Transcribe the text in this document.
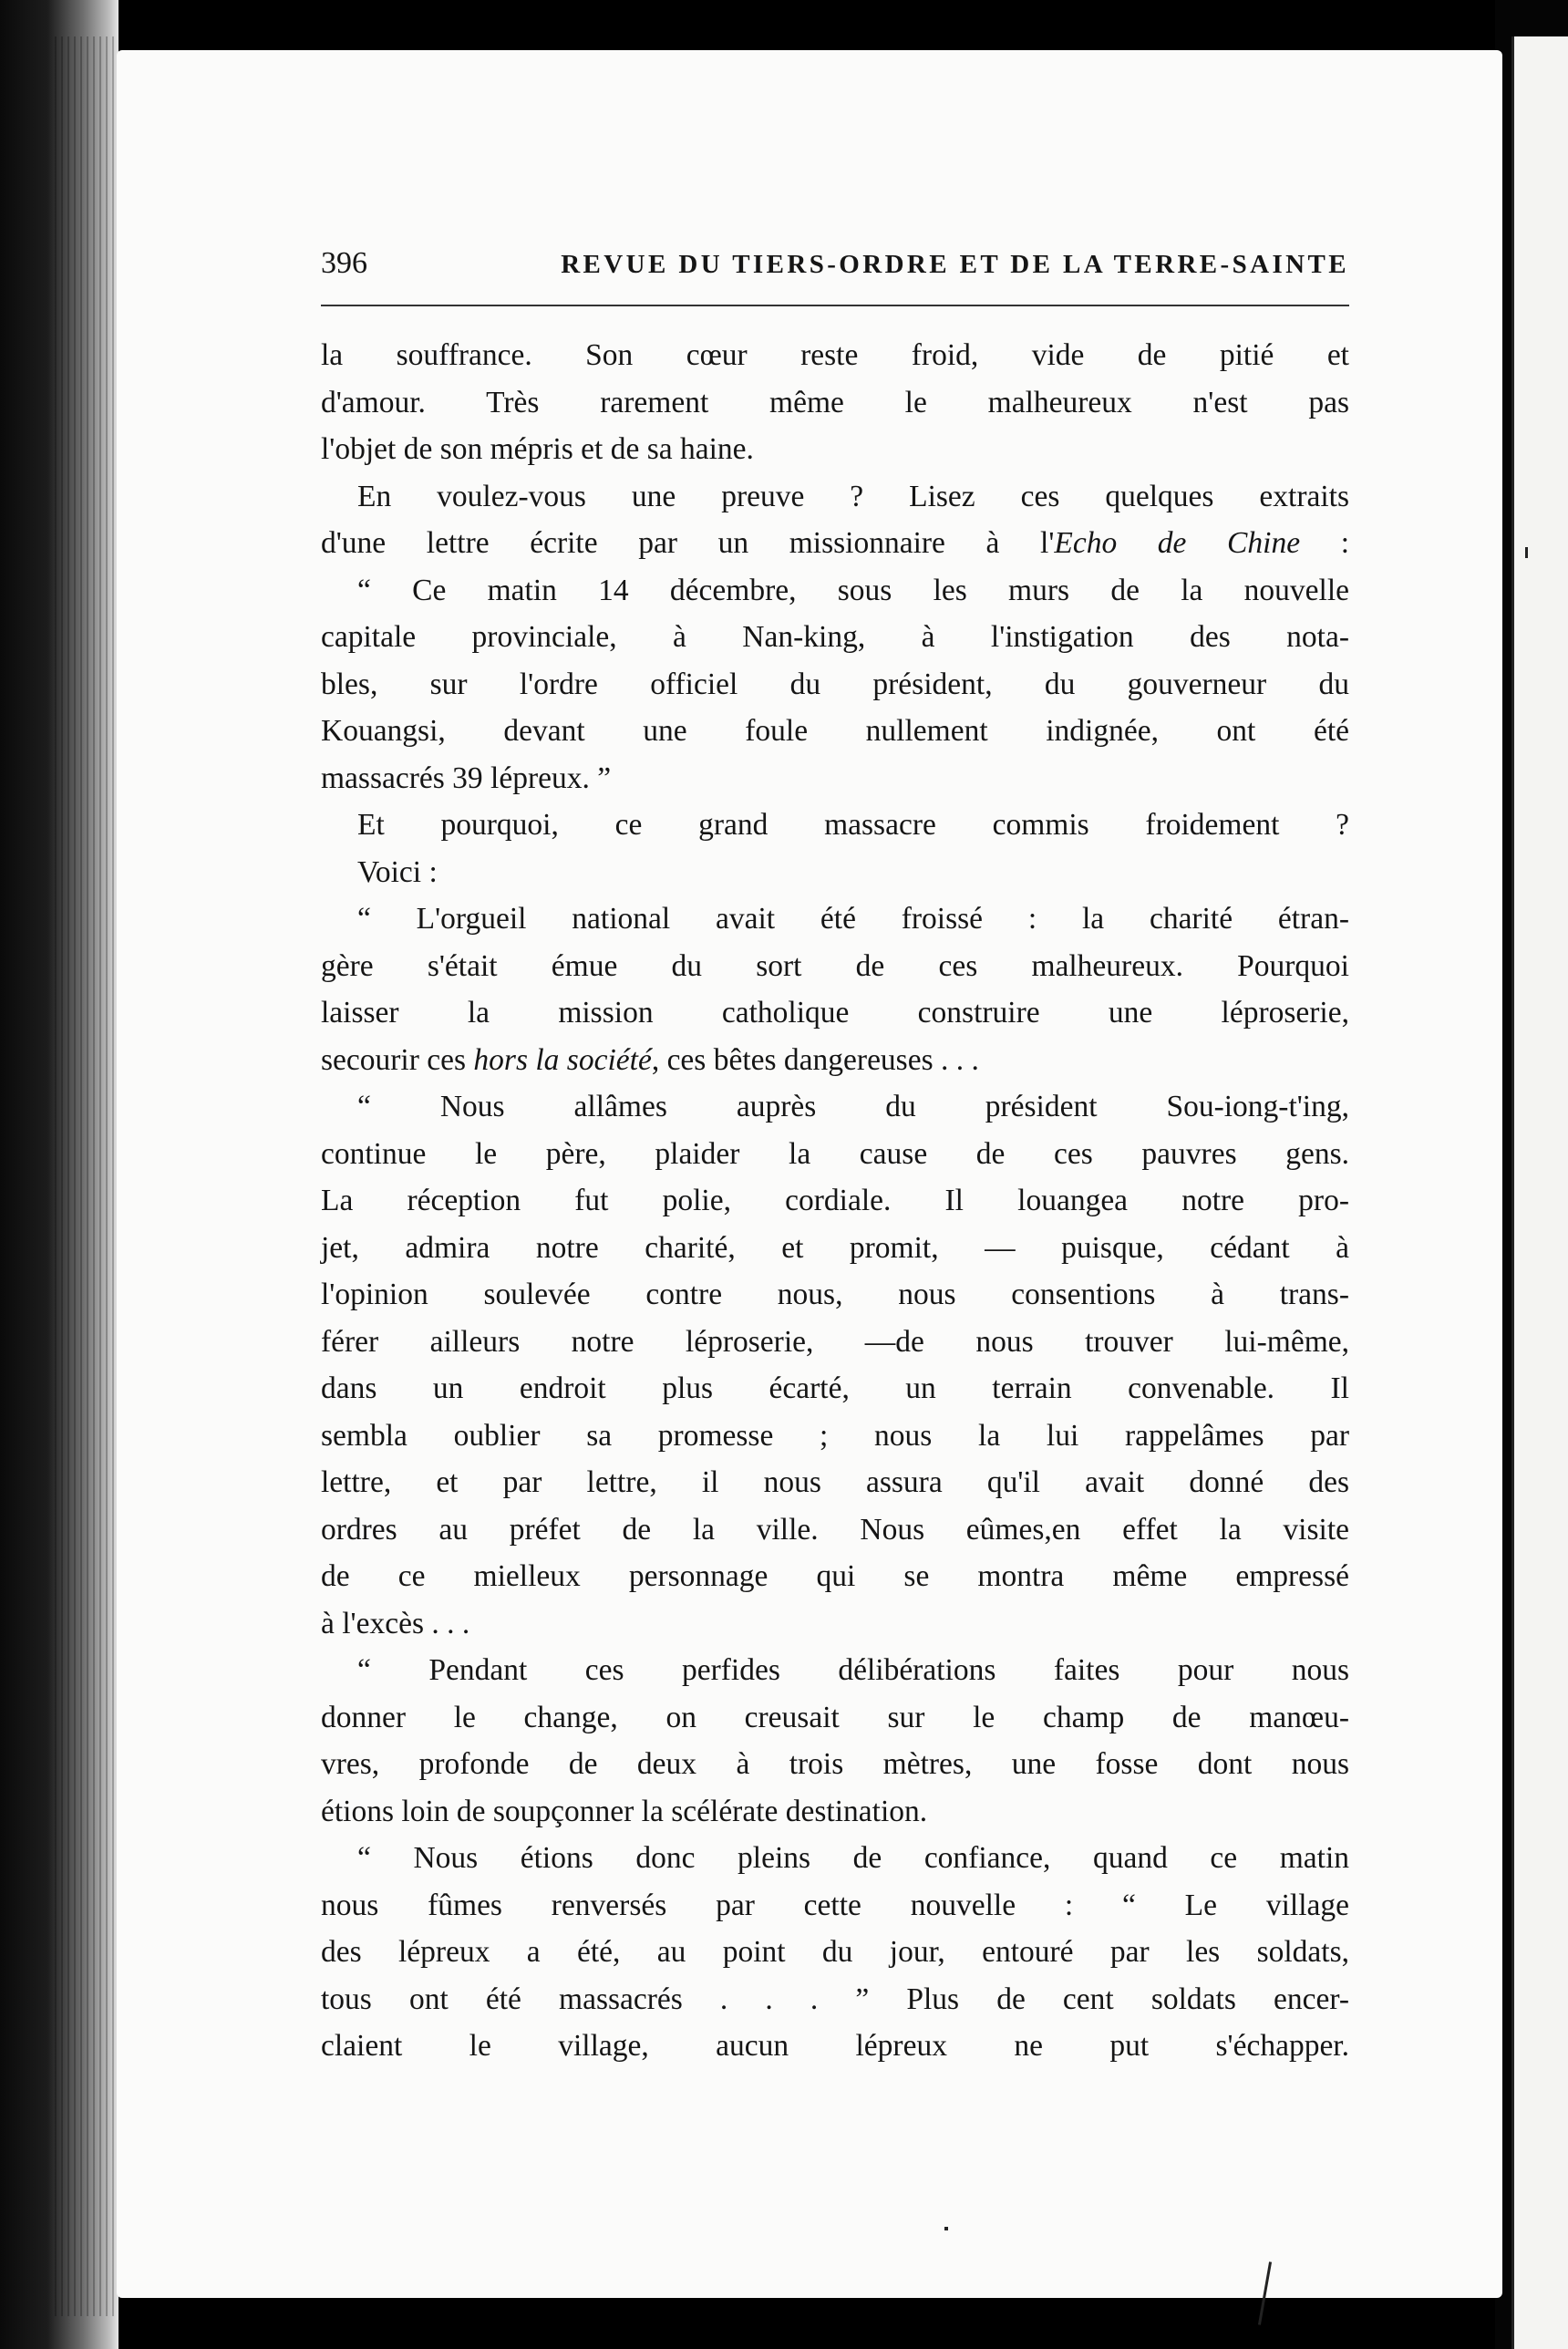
396	REVUE DU TIERS-ORDRE ET DE LA TERRE-SAINTE
la souffrance. Son cœur reste froid, vide de pitié et
d'amour. Très rarement même le malheureux n'est pas
l'objet de son mépris et de sa haine.
En voulez-vous une preuve ? Lisez ces quelques extraits
d'une lettre écrite par un missionnaire à l'Echo de Chine :
“ Ce matin 14 décembre, sous les murs de la nouvelle
capitale provinciale, à Nan-king, à l'instigation des nota-
bles, sur l'ordre officiel du président, du gouverneur du
Kouangsi, devant une foule nullement indignée, ont été
massacrés 39 lépreux. ”
Et pourquoi, ce grand massacre commis froidement ?
Voici :
“ L'orgueil national avait été froissé : la charité étran-
gère s'était émue du sort de ces malheureux. Pourquoi
laisser la mission catholique construire une léproserie,
secourir ces hors la société, ces bêtes dangereuses . . .
“ Nous allâmes auprès du président Sou-iong-t'ing,
continue le père, plaider la cause de ces pauvres gens.
La réception fut polie, cordiale. Il louangea notre pro-
jet, admira notre charité, et promit, — puisque, cédant à
l'opinion soulevée contre nous, nous consentions à trans-
férer ailleurs notre léproserie, —de nous trouver lui-même,
dans un endroit plus écarté, un terrain convenable. Il
sembla oublier sa promesse ; nous la lui rappelâmes par
lettre, et par lettre, il nous assura qu'il avait donné des
ordres au préfet de la ville. Nous eûmes,en effet la visite
de ce mielleux personnage qui se montra même empressé
à l'excès . . .
“ Pendant ces perfides délibérations faites pour nous
donner le change, on creusait sur le champ de manœu-
vres, profonde de deux à trois mètres, une fosse dont nous
étions loin de soupçonner la scélérate destination.
“ Nous étions donc pleins de confiance, quand ce matin
nous fûmes renversés par cette nouvelle : “ Le village
des lépreux a été, au point du jour, entouré par les soldats,
tous ont été massacrés . . . ” Plus de cent soldats encer-
claient le village, aucun lépreux ne put s'échapper.
